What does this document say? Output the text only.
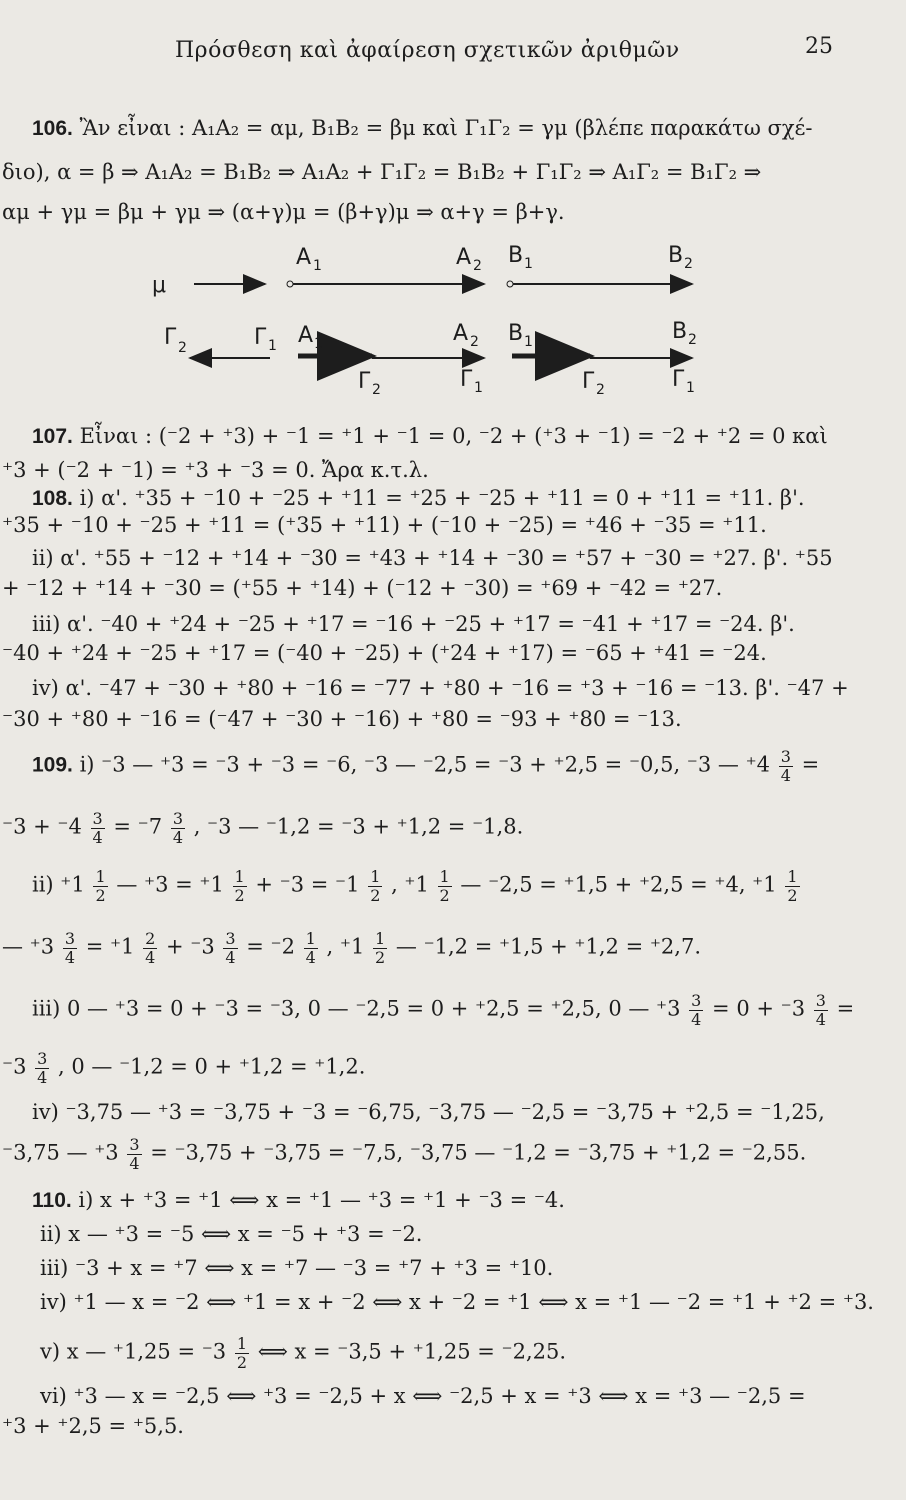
Πρόσθεση καὶ ἀφαίρεση σχετικῶν ἀριθμῶν	25
106. Ἂν εἶναι : A₁A₂ = αμ, B₁B₂ = βμ καὶ Γ₁Γ₂ = γμ (βλέπε παρακάτω σχέ-
διο), α = β ⇒ A₁A₂ = B₁B₂ ⇒ A₁A₂ + Γ₁Γ₂ = B₁B₂ + Γ₁Γ₂ ⇒ A₁Γ₂ = B₁Γ₂ ⇒
αμ + γμ = βμ + γμ ⇒ (α+γ)μ = (β+γ)μ ⇒ α+γ = β+γ.
μ
A 1	A 2 B 1	B 2
Γ 2	Γ 1 A 1	A 2
Γ 2	Γ 1
B 1	B 2
Γ 2	Γ 1
107. Εἶναι : (⁻2 + ⁺3) + ⁻1 = ⁺1 + ⁻1 = 0, ⁻2 + (⁺3 + ⁻1) = ⁻2 + ⁺2 = 0 καὶ
⁺3 + (⁻2 + ⁻1) = ⁺3 + ⁻3 = 0. Ἄρα κ.τ.λ.
108. i) α'. ⁺35 + ⁻10 + ⁻25 + ⁺11 = ⁺25 + ⁻25 + ⁺11 = 0 + ⁺11 = ⁺11. β'.
⁺35 + ⁻10 + ⁻25 + ⁺11 = (⁺35 + ⁺11) + (⁻10 + ⁻25) = ⁺46 + ⁻35 = ⁺11.
ii) α'. ⁺55 + ⁻12 + ⁺14 + ⁻30 = ⁺43 + ⁺14 + ⁻30 = ⁺57 + ⁻30 = ⁺27. β'. ⁺55
+ ⁻12 + ⁺14 + ⁻30 = (⁺55 + ⁺14) + (⁻12 + ⁻30) = ⁺69 + ⁻42 = ⁺27.
iii) α'. ⁻40 + ⁺24 + ⁻25 + ⁺17 = ⁻16 + ⁻25 + ⁺17 = ⁻41 + ⁺17 = ⁻24. β'.
⁻40 + ⁺24 + ⁻25 + ⁺17 = (⁻40 + ⁻25) + (⁺24 + ⁺17) = ⁻65 + ⁺41 = ⁻24.
iv) α'. ⁻47 + ⁻30 + ⁺80 + ⁻16 = ⁻77 + ⁺80 + ⁻16 = ⁺3 + ⁻16 = ⁻13. β'. ⁻47 +
⁻30 + ⁺80 + ⁻16 = (⁻47 + ⁻30 + ⁻16) + ⁺80 = ⁻93 + ⁺80 = ⁻13.
109. i) ⁻3 — ⁺3 = ⁻3 + ⁻3 = ⁻6, ⁻3 — ⁻2,5 = ⁻3 + ⁺2,5 = ⁻0,5, ⁻3 — $^+4 \frac{3}{4}$ =
$^-3 + ^-4 \frac{3}{4} = ^-7 \frac{3}{4}$ , ⁻3 — ⁻1,2 = ⁻3 + ⁺1,2 = ⁻1,8.
ii) $^+1 \frac{1}{2}$ — $^+3 = ^+1 \frac{1}{2} + ^-3 = ^-1 \frac{1}{2}$ , $^+1 \frac{1}{2}$ — ⁻2,5 = ⁺1,5 + ⁺2,5 = ⁺4, $^+1 \frac{1}{2}$
— $^+3 \frac{3}{4} = ^+1 \frac{2}{4} + ^-3 \frac{3}{4} = ^-2 \frac{1}{4}$ , $^+1 \frac{1}{2}$ — ⁻1,2 = ⁺1,5 + ⁺1,2 = ⁺2,7.
iii) 0 — ⁺3 = 0 + ⁻3 = ⁻3, 0 — ⁻2,5 = 0 + ⁺2,5 = ⁺2,5, 0 — $^+3 \frac{3}{4} = 0 + ^-3 \frac{3}{4}$ =
$^-3 \frac{3}{4}$ , 0 — ⁻1,2 = 0 + ⁺1,2 = ⁺1,2.
iv) ⁻3,75 — ⁺3 = ⁻3,75 + ⁻3 = ⁻6,75, ⁻3,75 — ⁻2,5 = ⁻3,75 + ⁺2,5 = ⁻1,25,
⁻3,75 — $^+3 \frac{3}{4} = ^-3,75 + ^-3,75 = ^-7,5$, ⁻3,75 — ⁻1,2 = ⁻3,75 + ⁺1,2 = ⁻2,55.
110. i) x + ⁺3 = ⁺1 ⟺ x = ⁺1 — ⁺3 = ⁺1 + ⁻3 = ⁻4.
ii) x — ⁺3 = ⁻5 ⟺ x = ⁻5 + ⁺3 = ⁻2.
iii) ⁻3 + x = ⁺7 ⟺ x = ⁺7 — ⁻3 = ⁺7 + ⁺3 = ⁺10.
iv) ⁺1 — x = ⁻2 ⟺ ⁺1 = x + ⁻2 ⟺ x + ⁻2 = ⁺1 ⟺ x = ⁺1 — ⁻2 = ⁺1 + ⁺2 = ⁺3.
v) x — $^+1,25 = ^-3 \frac{1}{2}$ ⟺ x = ⁻3,5 + ⁺1,25 = ⁻2,25.
vi) ⁺3 — x = ⁻2,5 ⟺ ⁺3 = ⁻2,5 + x ⟺ ⁻2,5 + x = ⁺3 ⟺ x = ⁺3 — ⁻2,5 =
⁺3 + ⁺2,5 = ⁺5,5.
